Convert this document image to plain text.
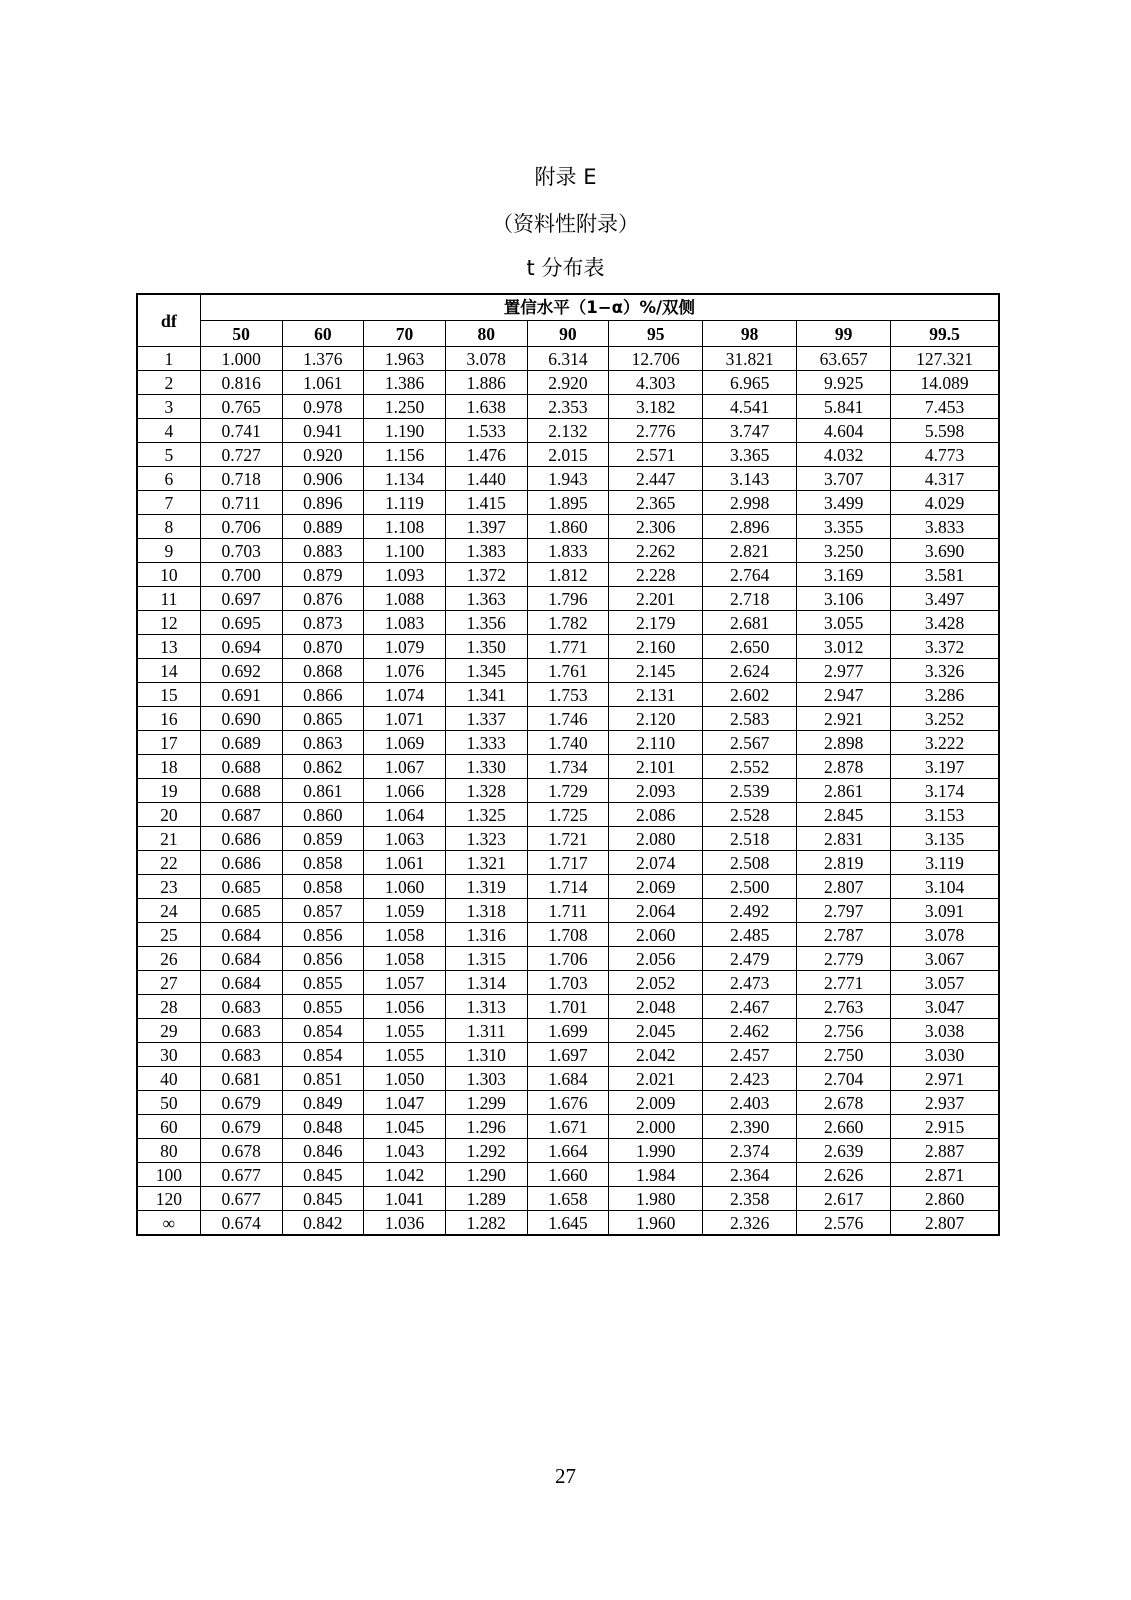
附录 E
（资料性附录）
t 分布表
df	置信水平（1−α）%/双侧								
	50	60	70	80	90	95	98	99	99.5
1	1.000	1.376	1.963	3.078	6.314	12.706	31.821	63.657	127.321
2	0.816	1.061	1.386	1.886	2.920	4.303	6.965	9.925	14.089
3	0.765	0.978	1.250	1.638	2.353	3.182	4.541	5.841	7.453
4	0.741	0.941	1.190	1.533	2.132	2.776	3.747	4.604	5.598
5	0.727	0.920	1.156	1.476	2.015	2.571	3.365	4.032	4.773
6	0.718	0.906	1.134	1.440	1.943	2.447	3.143	3.707	4.317
7	0.711	0.896	1.119	1.415	1.895	2.365	2.998	3.499	4.029
8	0.706	0.889	1.108	1.397	1.860	2.306	2.896	3.355	3.833
9	0.703	0.883	1.100	1.383	1.833	2.262	2.821	3.250	3.690
10	0.700	0.879	1.093	1.372	1.812	2.228	2.764	3.169	3.581
11	0.697	0.876	1.088	1.363	1.796	2.201	2.718	3.106	3.497
12	0.695	0.873	1.083	1.356	1.782	2.179	2.681	3.055	3.428
13	0.694	0.870	1.079	1.350	1.771	2.160	2.650	3.012	3.372
14	0.692	0.868	1.076	1.345	1.761	2.145	2.624	2.977	3.326
15	0.691	0.866	1.074	1.341	1.753	2.131	2.602	2.947	3.286
16	0.690	0.865	1.071	1.337	1.746	2.120	2.583	2.921	3.252
17	0.689	0.863	1.069	1.333	1.740	2.110	2.567	2.898	3.222
18	0.688	0.862	1.067	1.330	1.734	2.101	2.552	2.878	3.197
19	0.688	0.861	1.066	1.328	1.729	2.093	2.539	2.861	3.174
20	0.687	0.860	1.064	1.325	1.725	2.086	2.528	2.845	3.153
21	0.686	0.859	1.063	1.323	1.721	2.080	2.518	2.831	3.135
22	0.686	0.858	1.061	1.321	1.717	2.074	2.508	2.819	3.119
23	0.685	0.858	1.060	1.319	1.714	2.069	2.500	2.807	3.104
24	0.685	0.857	1.059	1.318	1.711	2.064	2.492	2.797	3.091
25	0.684	0.856	1.058	1.316	1.708	2.060	2.485	2.787	3.078
26	0.684	0.856	1.058	1.315	1.706	2.056	2.479	2.779	3.067
27	0.684	0.855	1.057	1.314	1.703	2.052	2.473	2.771	3.057
28	0.683	0.855	1.056	1.313	1.701	2.048	2.467	2.763	3.047
29	0.683	0.854	1.055	1.311	1.699	2.045	2.462	2.756	3.038
30	0.683	0.854	1.055	1.310	1.697	2.042	2.457	2.750	3.030
40	0.681	0.851	1.050	1.303	1.684	2.021	2.423	2.704	2.971
50	0.679	0.849	1.047	1.299	1.676	2.009	2.403	2.678	2.937
60	0.679	0.848	1.045	1.296	1.671	2.000	2.390	2.660	2.915
80	0.678	0.846	1.043	1.292	1.664	1.990	2.374	2.639	2.887
100	0.677	0.845	1.042	1.290	1.660	1.984	2.364	2.626	2.871
120	0.677	0.845	1.041	1.289	1.658	1.980	2.358	2.617	2.860
∞	0.674	0.842	1.036	1.282	1.645	1.960	2.326	2.576	2.807
27
